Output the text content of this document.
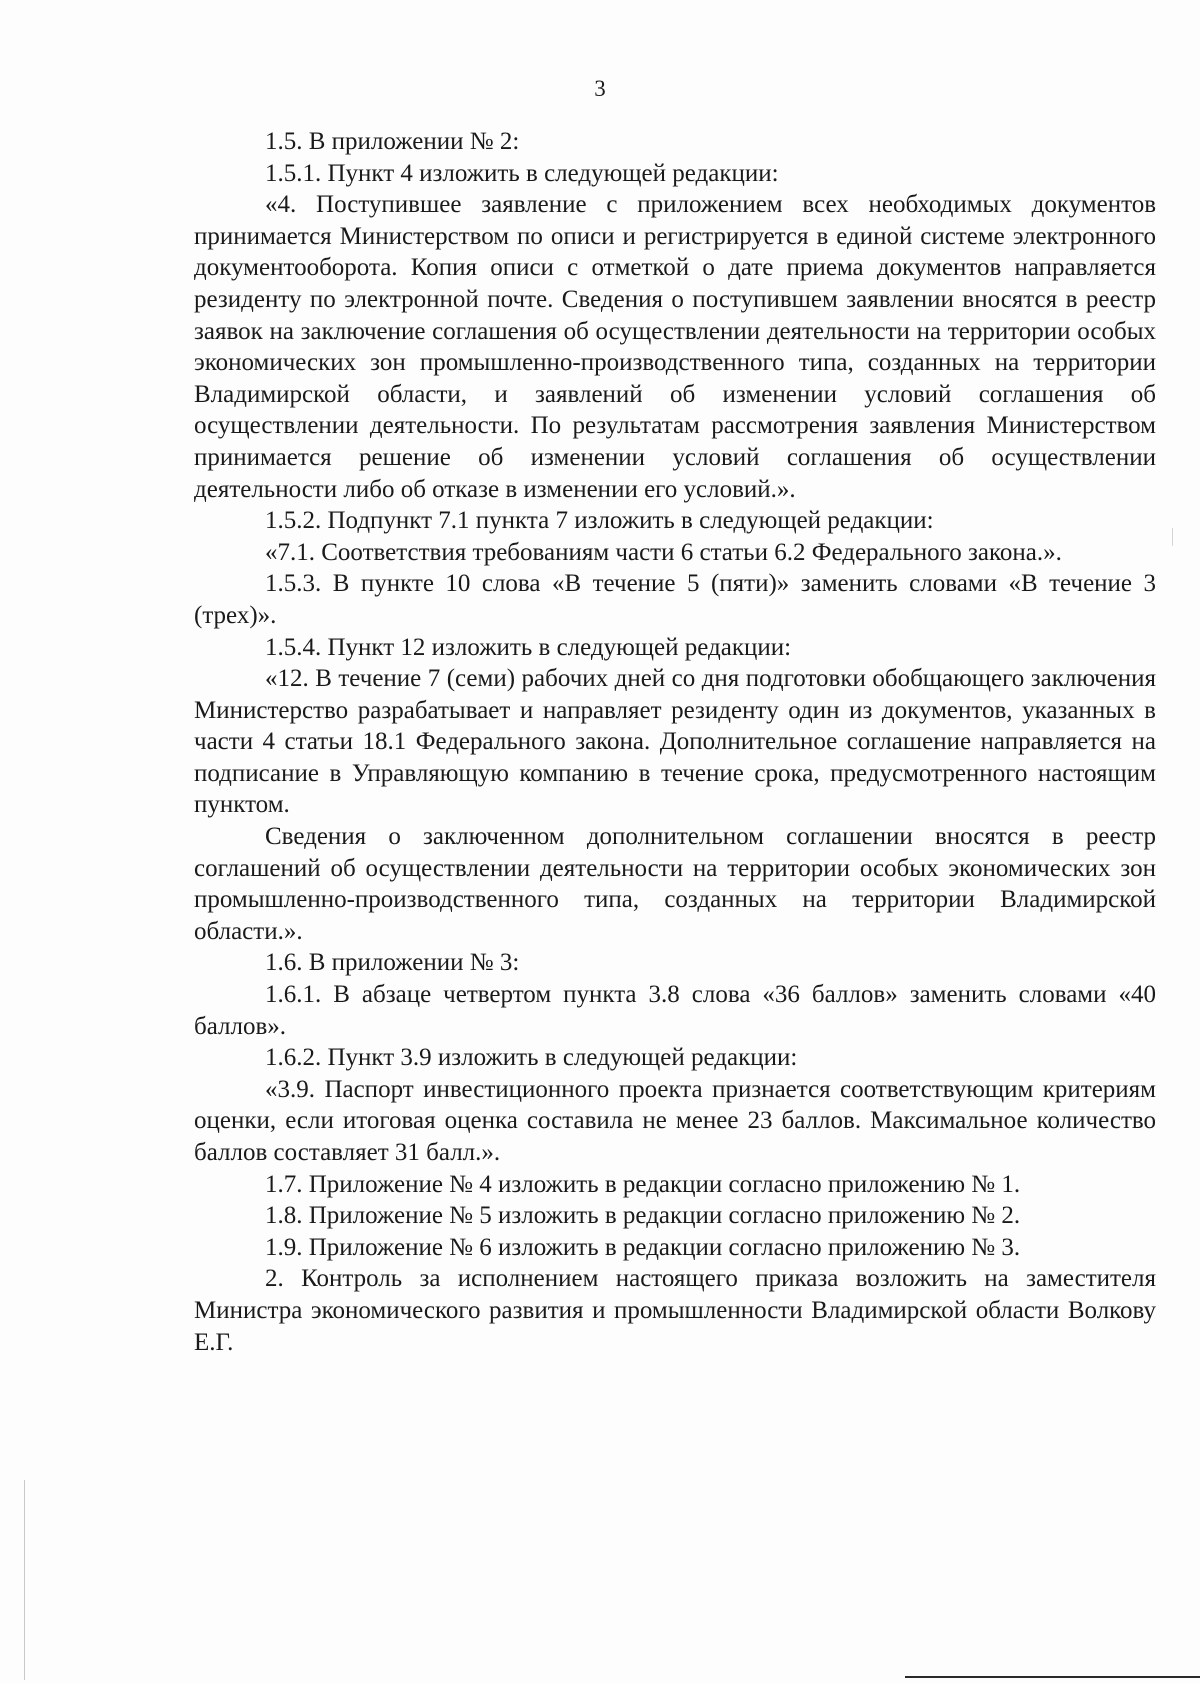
3

1.5. В приложении № 2:

1.5.1. Пункт 4 изложить в следующей редакции:

«4. Поступившее заявление с приложением всех необходимых документов принимается Министерством по описи и регистрируется в единой системе электронного документооборота. Копия описи с отметкой о дате приема документов направляется резиденту по электронной почте. Сведения о поступившем заявлении вносятся в реестр заявок на заключение соглашения об осуществлении деятельности на территории особых экономических зон промышленно-производственного типа, созданных на территории Владимирской области, и заявлений об изменении условий соглашения об осуществлении деятельности. По результатам рассмотрения заявления Министерством принимается решение об изменении условий соглашения об осуществлении деятельности либо об отказе в изменении его условий.».

1.5.2. Подпункт 7.1 пункта 7 изложить в следующей редакции:

«7.1. Соответствия требованиям части 6 статьи 6.2 Федерального закона.».

1.5.3. В пункте 10 слова «В течение 5 (пяти)» заменить словами «В течение 3 (трех)».

1.5.4. Пункт 12 изложить в следующей редакции:

«12. В течение 7 (семи) рабочих дней со дня подготовки обобщающего заключения Министерство разрабатывает и направляет резиденту один из документов, указанных в части 4 статьи 18.1 Федерального закона. Дополнительное соглашение направляется на подписание в Управляющую компанию в течение срока, предусмотренного настоящим пунктом.

Сведения о заключенном дополнительном соглашении вносятся в реестр соглашений об осуществлении деятельности на территории особых экономических зон промышленно-производственного типа, созданных на территории Владимирской области.».

1.6. В приложении № 3:

1.6.1. В абзаце четвертом пункта 3.8 слова «36 баллов» заменить словами «40 баллов».

1.6.2. Пункт 3.9 изложить в следующей редакции:

«3.9. Паспорт инвестиционного проекта признается соответствующим критериям оценки, если итоговая оценка составила не менее 23 баллов. Максимальное количество баллов составляет 31 балл.».

1.7. Приложение № 4 изложить в редакции согласно приложению № 1.

1.8. Приложение № 5 изложить в редакции согласно приложению № 2.

1.9. Приложение № 6 изложить в редакции согласно приложению № 3.

2. Контроль за исполнением настоящего приказа возложить на заместителя Министра экономического развития и промышленности Владимирской области Волкову Е.Г.
